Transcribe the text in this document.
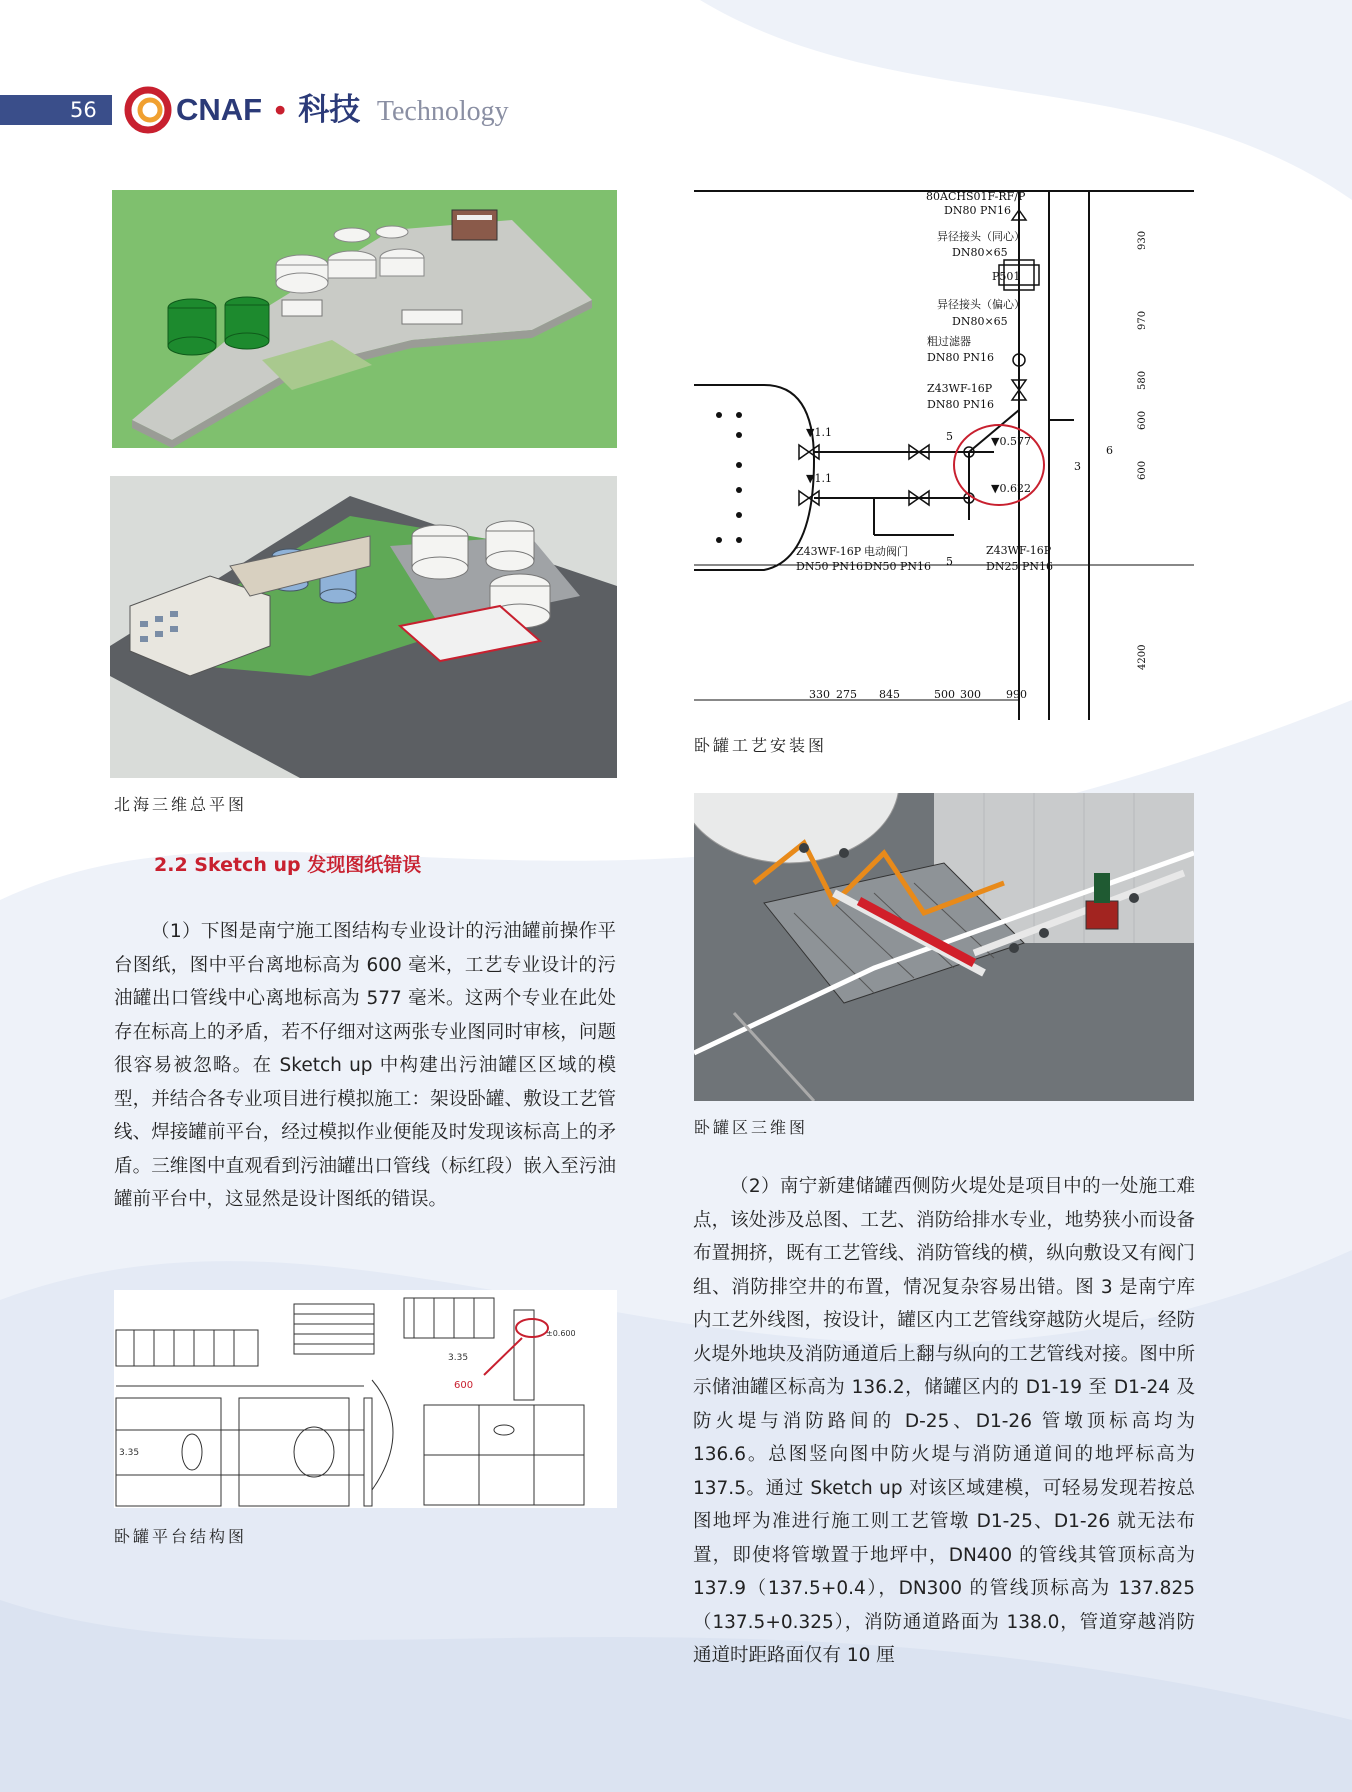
56	CNAF • 科技 Technology
北海三维总平图
2.2 Sketch up 发现图纸错误
（1）下图是南宁施工图结构专业设计的污油罐前操作平台图纸，图中平台离地标高为 600 毫米，工艺专业设计的污油罐出口管线中心离地标高为 577 毫米。这两个专业在此处存在标高上的矛盾，若不仔细对这两张专业图同时审核，问题很容易被忽略。在 Sketch up 中构建出污油罐区区域的模型，并结合各专业项目进行模拟施工：架设卧罐、敷设工艺管线、焊接罐前平台，经过模拟作业便能及时发现该标高上的矛盾。三维图中直观看到污油罐出口管线（标红段）嵌入至污油罐前平台中，这显然是设计图纸的错误。
600
3.35
3.35
±0.600
卧罐平台结构图
80ACHS01F-RF/P
DN80 PN16
异径接头（同心）
DN80×65
P501
异径接头（偏心）
DN80×65
粗过滤器
DN80 PN16
Z43WF-16P
DN80 PN16
▼0.577
▼0.622
▼1.1
▼1.1
5
5
3
6
Z43WF-16P
DN50 PN16
电动阀门
DN50 PN16
Z43WF-16P
DN25 PN16
330 275 845	500 300 990
930
970
580
600
600
4200
卧罐工艺安装图
卧罐区三维图
（2）南宁新建储罐西侧防火堤处是项目中的一处施工难点，该处涉及总图、工艺、消防给排水专业，地势狭小而设备布置拥挤，既有工艺管线、消防管线的横，纵向敷设又有阀门组、消防排空井的布置，情况复杂容易出错。图 3 是南宁库内工艺外线图，按设计，罐区内工艺管线穿越防火堤后，经防火堤外地块及消防通道后上翻与纵向的工艺管线对接。图中所示储油罐区标高为 136.2，储罐区内的 D1-19 至 D1-24 及防火堤与消防路间的 D-25、D1-26 管墩顶标高均为 136.6。总图竖向图中防火堤与消防通道间的地坪标高为 137.5。通过 Sketch up 对该区域建模，可轻易发现若按总图地坪为准进行施工则工艺管墩 D1-25、D1-26 就无法布置，即使将管墩置于地坪中，DN400 的管线其管顶标高为 137.9（137.5+0.4），DN300 的管线顶标高为 137.825（137.5+0.325），消防通道路面为 138.0，管道穿越消防通道时距路面仅有 10 厘
